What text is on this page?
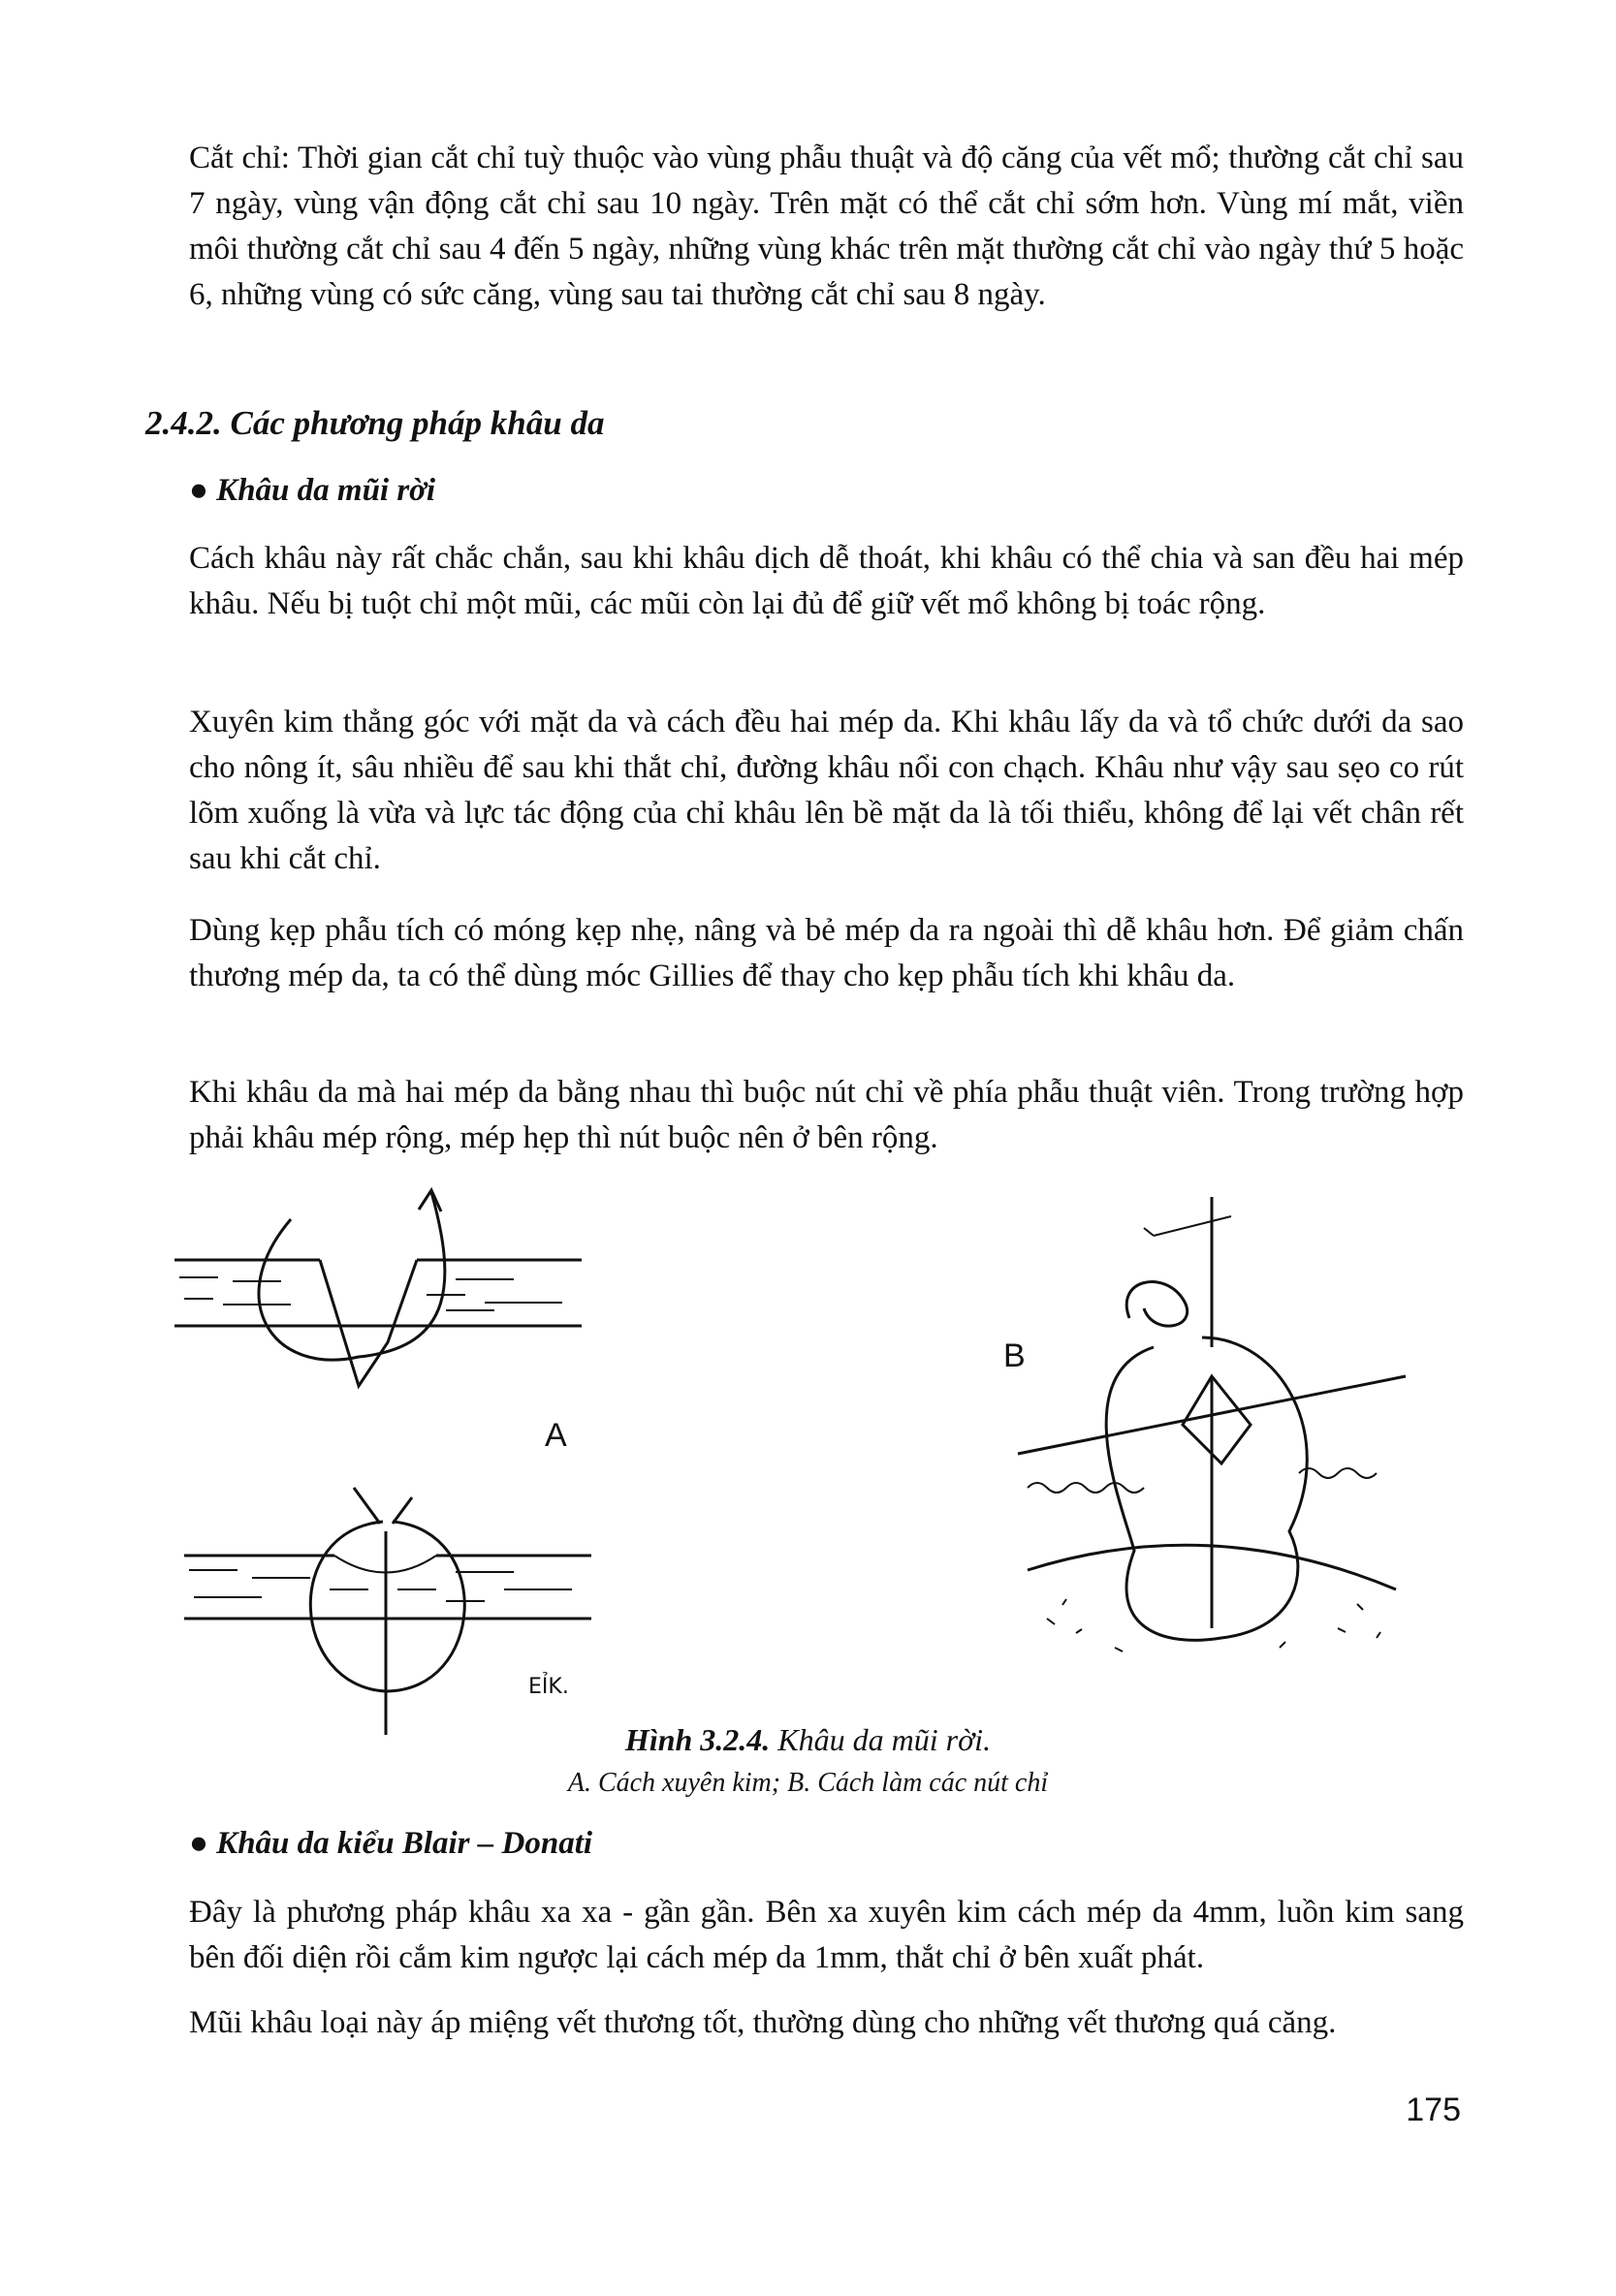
Cắt chỉ: Thời gian cắt chỉ tuỳ thuộc vào vùng phẫu thuật và độ căng của vết mổ; thường cắt chỉ sau 7 ngày, vùng vận động cắt chỉ sau 10 ngày. Trên mặt có thể cắt chỉ sớm hơn. Vùng mí mắt, viền môi thường cắt chỉ sau 4 đến 5 ngày, những vùng khác trên mặt thường cắt chỉ vào ngày thứ 5 hoặc 6, những vùng có sức căng, vùng sau tai thường cắt chỉ sau 8 ngày.

2.4.2. Các phương pháp khâu da

● Khâu da mũi rời

Cách khâu này rất chắc chắn, sau khi khâu dịch dễ thoát, khi khâu có thể chia và san đều hai mép khâu. Nếu bị tuột chỉ một mũi, các mũi còn lại đủ để giữ vết mổ không bị toác rộng.

Xuyên kim thẳng góc với mặt da và cách đều hai mép da. Khi khâu lấy da và tổ chức dưới da sao cho nông ít, sâu nhiều để sau khi thắt chỉ, đường khâu nổi con chạch. Khâu như vậy sau sẹo co rút lõm xuống là vừa và lực tác động của chỉ khâu lên bề mặt da là tối thiểu, không để lại vết chân rết sau khi cắt chỉ.

Dùng kẹp phẫu tích có móng kẹp nhẹ, nâng và bẻ mép da ra ngoài thì dễ khâu hơn. Để giảm chấn thương mép da, ta có thể dùng móc Gillies để thay cho kẹp phẫu tích khi khâu da.

Khi khâu da mà hai mép da bằng nhau thì buộc nút chỉ về phía phẫu thuật viên. Trong trường hợp phải khâu mép rộng, mép hẹp thì nút buộc nên ở bên rộng.

A
B
EỈK.

Hình 3.2.4. Khâu da mũi rời.

A. Cách xuyên kim; B. Cách làm các nút chỉ

● Khâu da kiểu Blair – Donati

Đây là phương pháp khâu xa xa - gần gần. Bên xa xuyên kim cách mép da 4mm, luồn kim sang bên đối diện rồi cắm kim ngược lại cách mép da 1mm, thắt chỉ ở bên xuất phát.

Mũi khâu loại này áp miệng vết thương tốt, thường dùng cho những vết thương quá căng.

175
